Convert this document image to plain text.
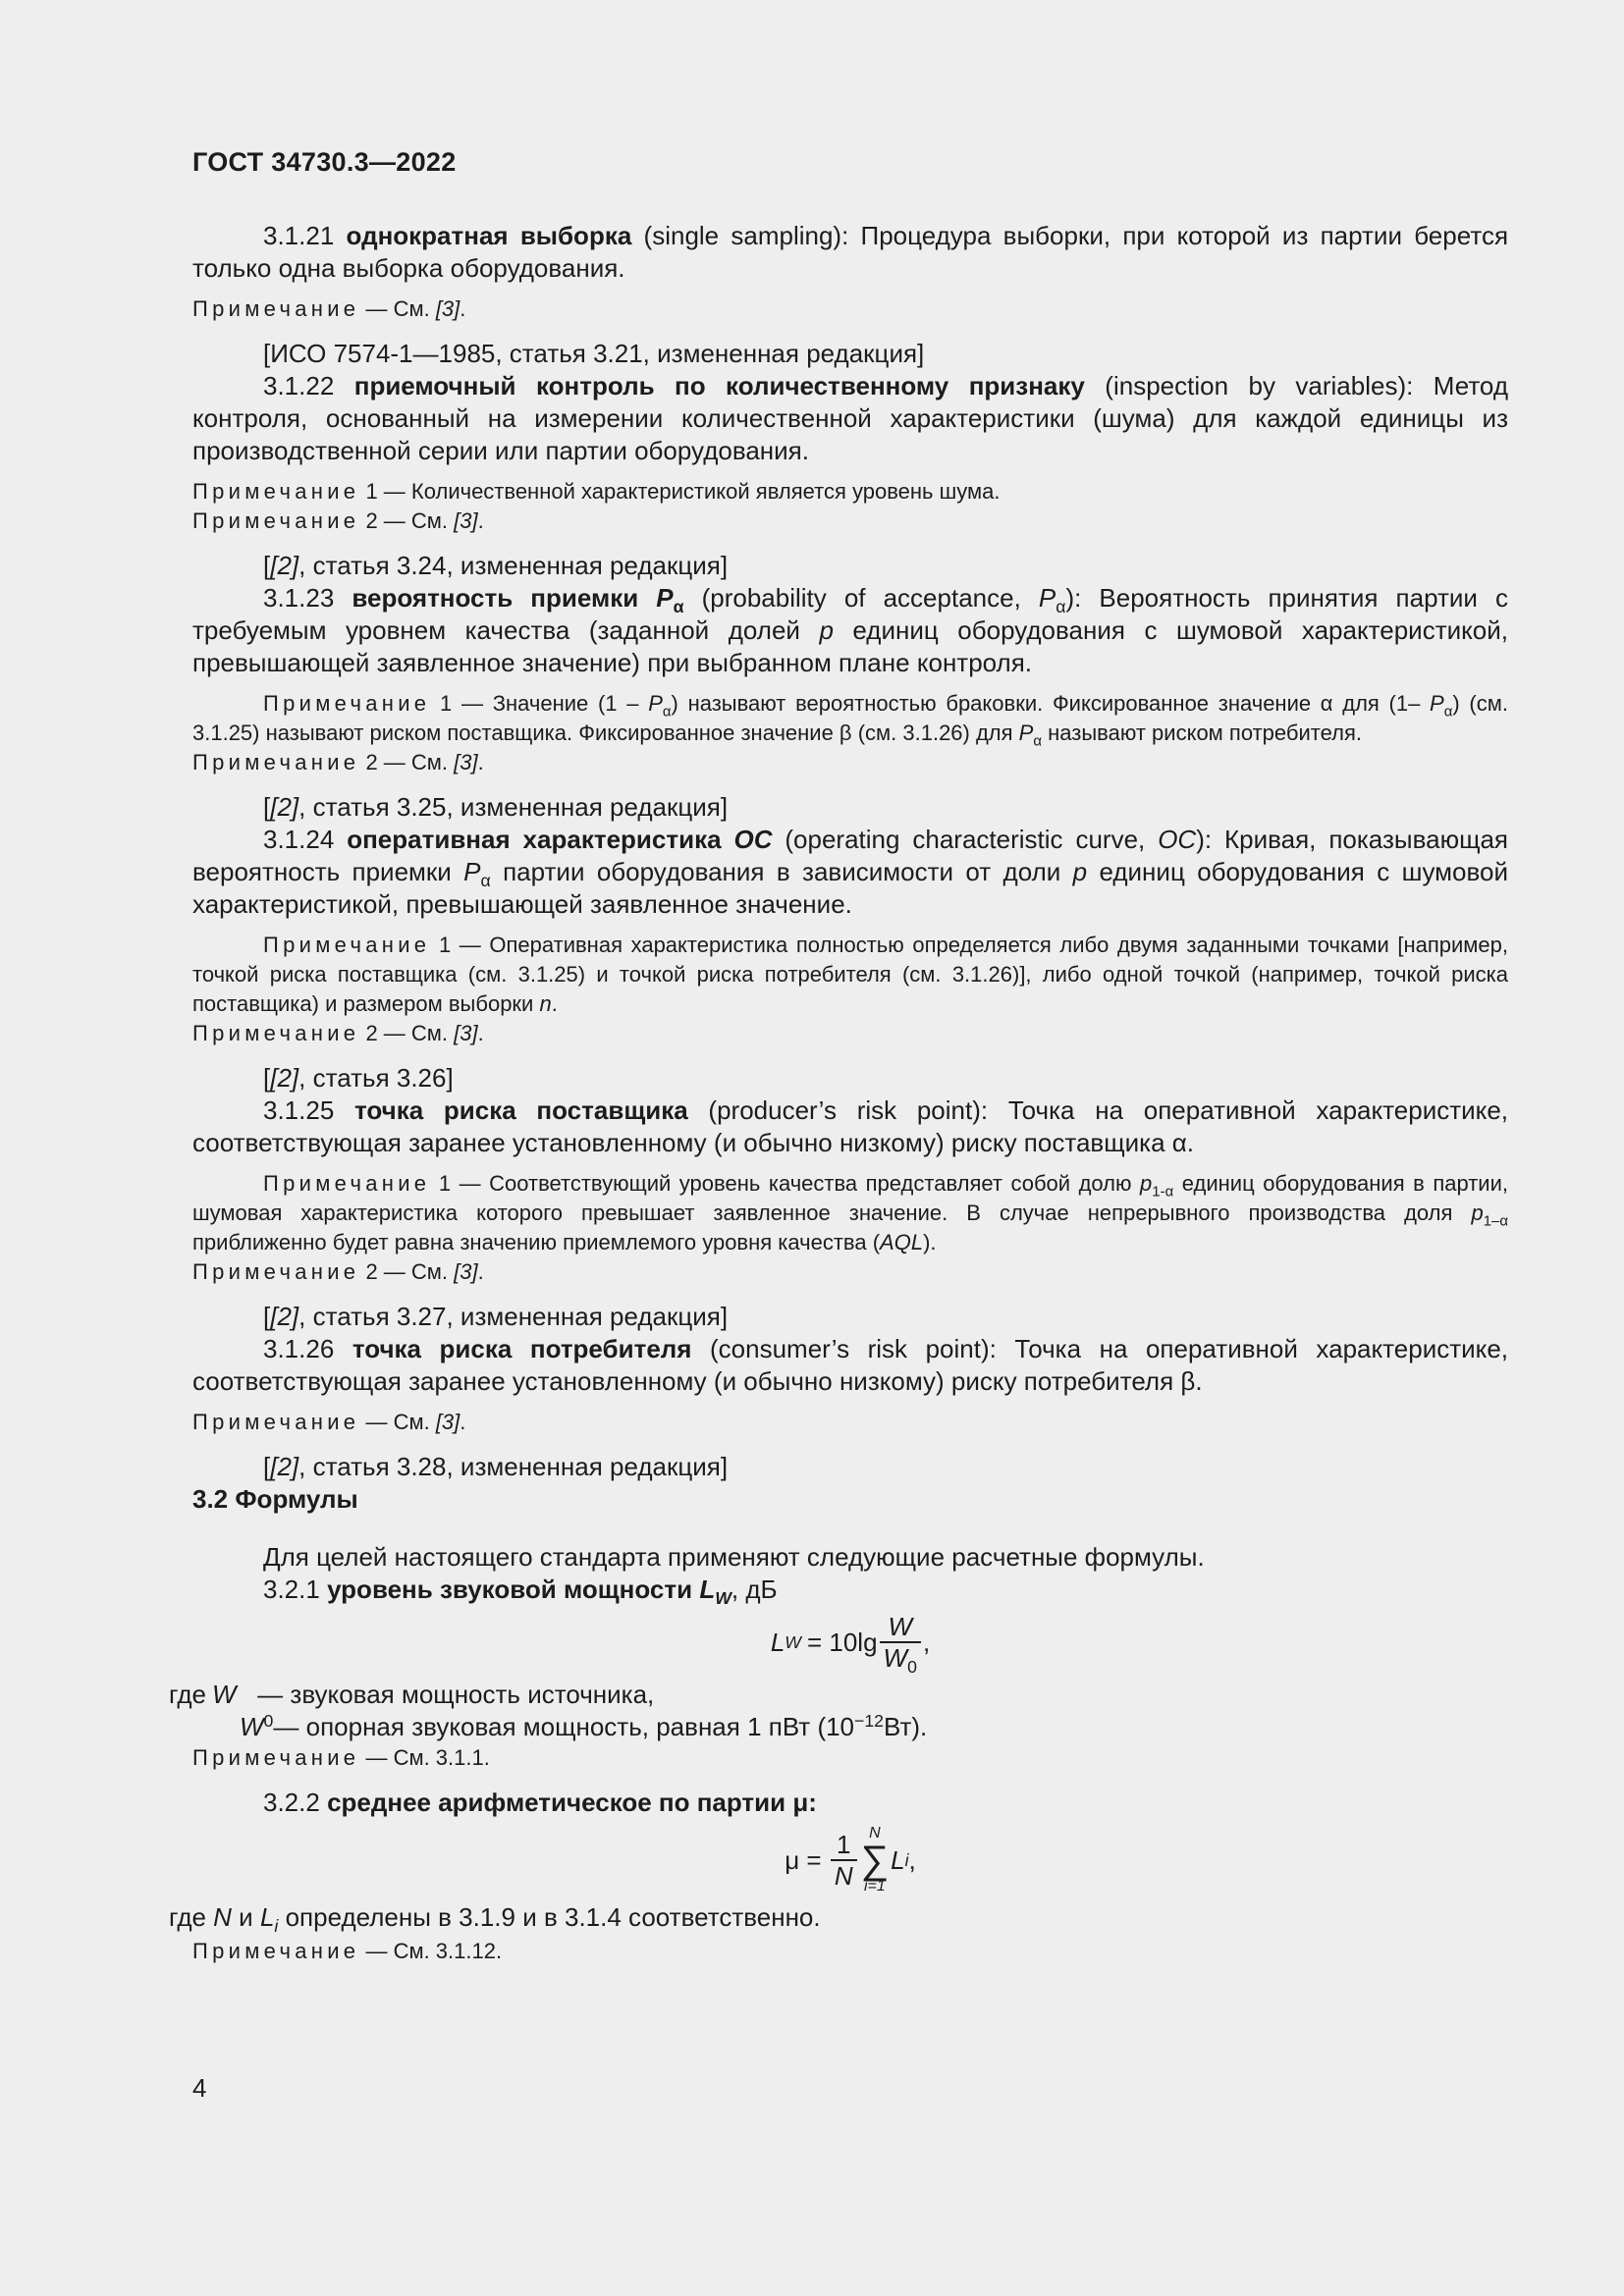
ГОСТ 34730.3—2022

3.1.21 однократная выборка (single sampling): Процедура выборки, при которой из партии берется только одна выборка оборудования.

Примечание — См. [3].

[ИСО 7574-1—1985, статья 3.21, измененная редакция]

3.1.22 приемочный контроль по количественному признаку (inspection by variables): Метод контроля, основанный на измерении количественной характеристики (шума) для каждой единицы из производственной серии или партии оборудования.

Примечание 1 — Количественной характеристикой является уровень шума.

Примечание 2 — См. [3].

[[2], статья 3.24, измененная редакция]

3.1.23 вероятность приемки $P_\alpha$ (probability of acceptance, $P_\alpha$): Вероятность принятия партии с требуемым уровнем качества (заданной долей p единиц оборудования с шумовой характеристикой, превышающей заявленное значение) при выбранном плане контроля.

Примечание 1 — Значение $(1 - P_\alpha)$ называют вероятностью браковки. Фиксированное значение α для (1– $P_\alpha$) (см. 3.1.25) называют риском поставщика. Фиксированное значение β (см. 3.1.26) для $P_\alpha$ называют риском потребителя.

Примечание 2 — См. [3].

[[2], статья 3.25, измененная редакция]

3.1.24 оперативная характеристика OC (operating characteristic curve, OC): Кривая, показывающая вероятность приемки $P_\alpha$ партии оборудования в зависимости от доли p единиц оборудования с шумовой характеристикой, превышающей заявленное значение.

Примечание 1 — Оперативная характеристика полностью определяется либо двумя заданными точками [например, точкой риска поставщика (см. 3.1.25) и точкой риска потребителя (см. 3.1.26)], либо одной точкой (например, точкой риска поставщика) и размером выборки n.

Примечание 2 — См. [3].

[[2], статья 3.26]

3.1.25 точка риска поставщика (producer’s risk point): Точка на оперативной характеристике, соответствующая заранее установленному (и обычно низкому) риску поставщика α.

Примечание 1 — Соответствующий уровень качества представляет собой долю $p_{1-\alpha}$ единиц оборудования в партии, шумовая характеристика которого превышает заявленное значение. В случае непрерывного производства доля $p_{1-\alpha}$ приближенно будет равна значению приемлемого уровня качества (AQL).

Примечание 2 — См. [3].

[[2], статья 3.27, измененная редакция]

3.1.26 точка риска потребителя (consumer’s risk point): Точка на оперативной характеристике, соответствующая заранее установленному (и обычно низкому) риску потребителя β.

Примечание — См. [3].

[[2], статья 3.28, измененная редакция]

3.2 Формулы

Для целей настоящего стандарта применяют следующие расчетные формулы.

3.2.1 уровень звуковой мощности $L_W$, дБ

L $W = 10\lg \frac{W}{W_0}$ ,
где W — звуковая мощность источника,
W 0 — опорная звуковая мощность, равная 1 пВт (10 −12 Вт).

Примечание — См. 3.1.1.

3.2.2 среднее арифметическое по партии μ:

$\mu = \frac{1}{N}$ N
∑
i=1
L i ,

где N и $L_i$ определены в 3.1.9 и в 3.1.4 соответственно.

Примечание — См. 3.1.12.

4
